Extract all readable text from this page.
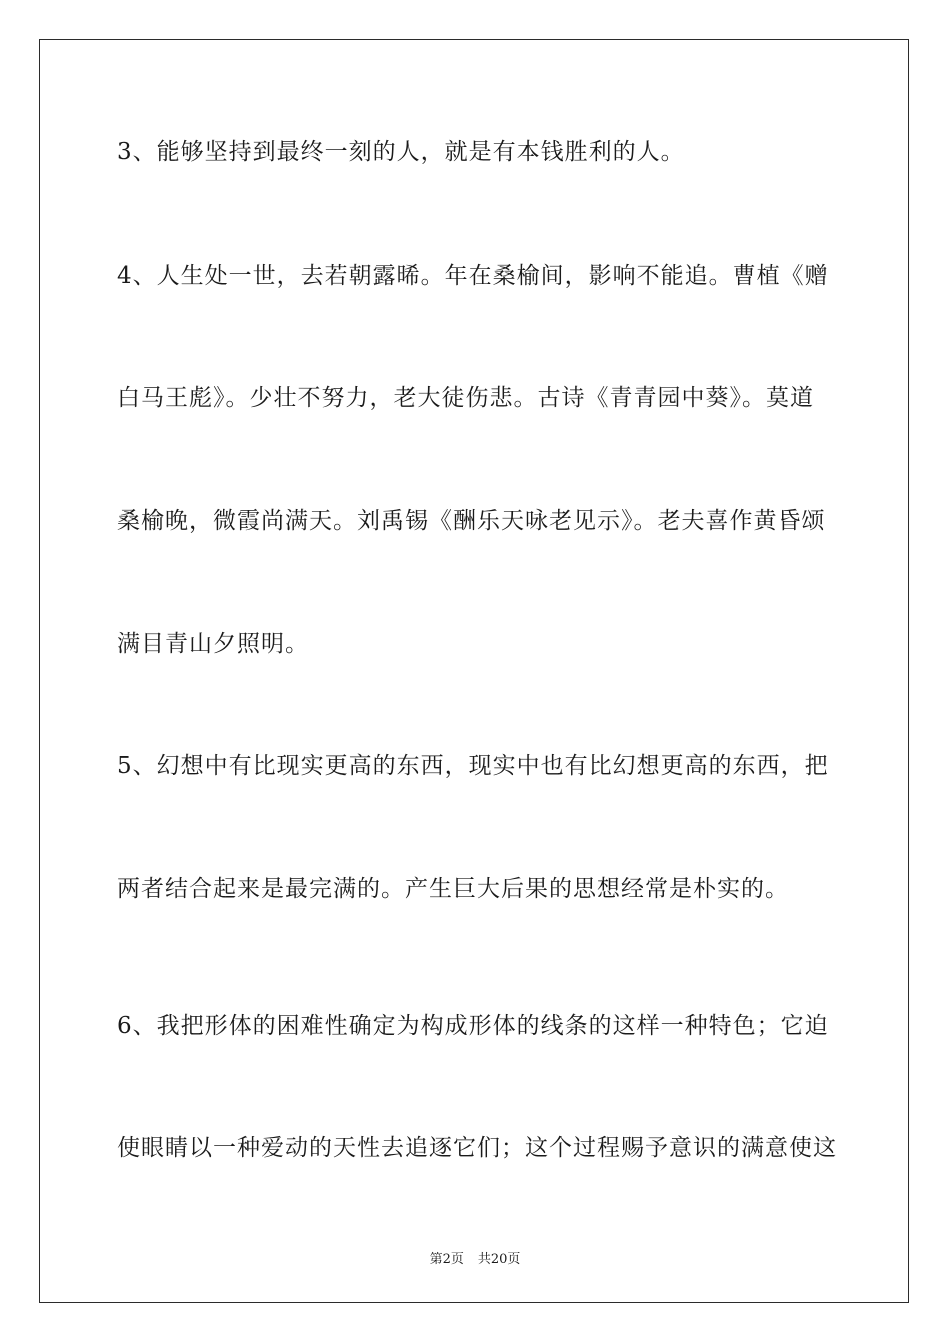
3、能够坚持到最终一刻的人，就是有本钱胜利的人。
4、人生处一世，去若朝露晞。年在桑榆间，影响不能追。曹植《赠
白马王彪》。少壮不努力，老大徒伤悲。古诗《青青园中葵》。莫道
桑榆晚，微霞尚满天。刘禹锡《酬乐天咏老见示》。老夫喜作黄昏颂
满目青山夕照明。
5、幻想中有比现实更高的东西，现实中也有比幻想更高的东西，把
两者结合起来是最完满的。产生巨大后果的思想经常是朴实的。
6、我把形体的困难性确定为构成形体的线条的这样一种特色；它迫
使眼睛以一种爱动的天性去追逐它们；这个过程赐予意识的满意使这
第2页 共20页
